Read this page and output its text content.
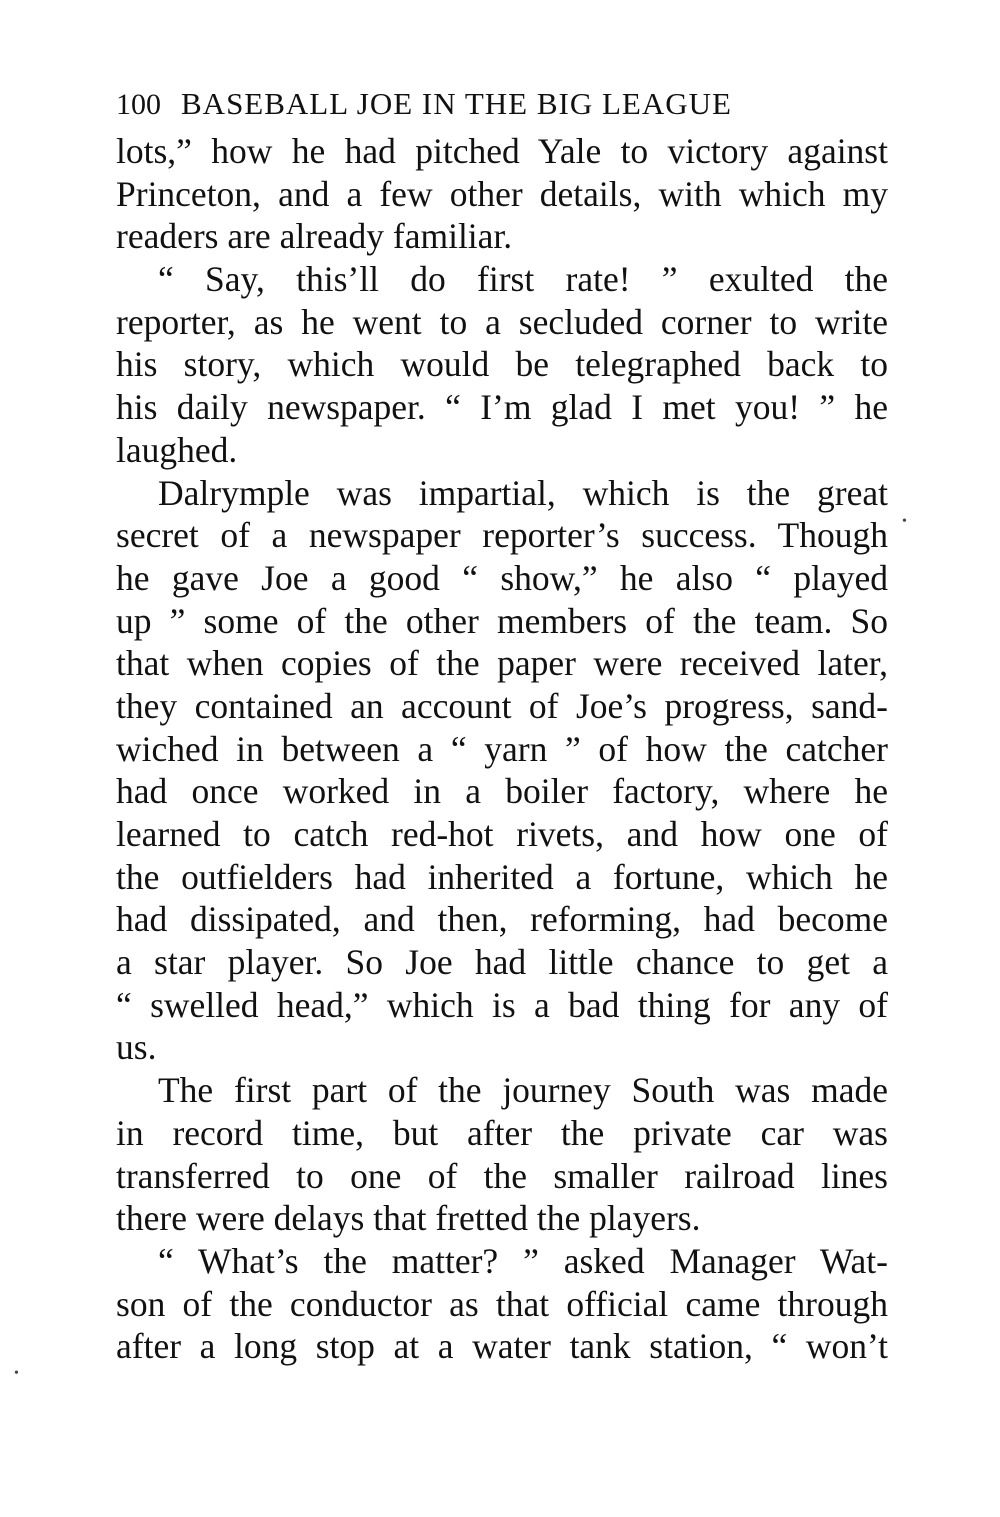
100 BASEBALL JOE IN THE BIG LEAGUE
lots,” how he had pitched Yale to victory against
Princeton, and a few other details, with which my
readers are already familiar.
“ Say, this’ll do first rate! ” exulted the
reporter, as he went to a secluded corner to write
his story, which would be telegraphed back to
his daily newspaper. “ I’m glad I met you! ” he
laughed.
Dalrymple was impartial, which is the great
secret of a newspaper reporter’s success. Though
he gave Joe a good “ show,” he also “ played
up ” some of the other members of the team. So
that when copies of the paper were received later,
they contained an account of Joe’s progress, sand-
wiched in between a “ yarn ” of how the catcher
had once worked in a boiler factory, where he
learned to catch red-hot rivets, and how one of
the outfielders had inherited a fortune, which he
had dissipated, and then, reforming, had become
a star player. So Joe had little chance to get a
“ swelled head,” which is a bad thing for any of
us.
The first part of the journey South was made
in record time, but after the private car was
transferred to one of the smaller railroad lines
there were delays that fretted the players.
“ What’s the matter? ” asked Manager Wat-
son of the conductor as that official came through
after a long stop at a water tank station, “ won’t
•
•
